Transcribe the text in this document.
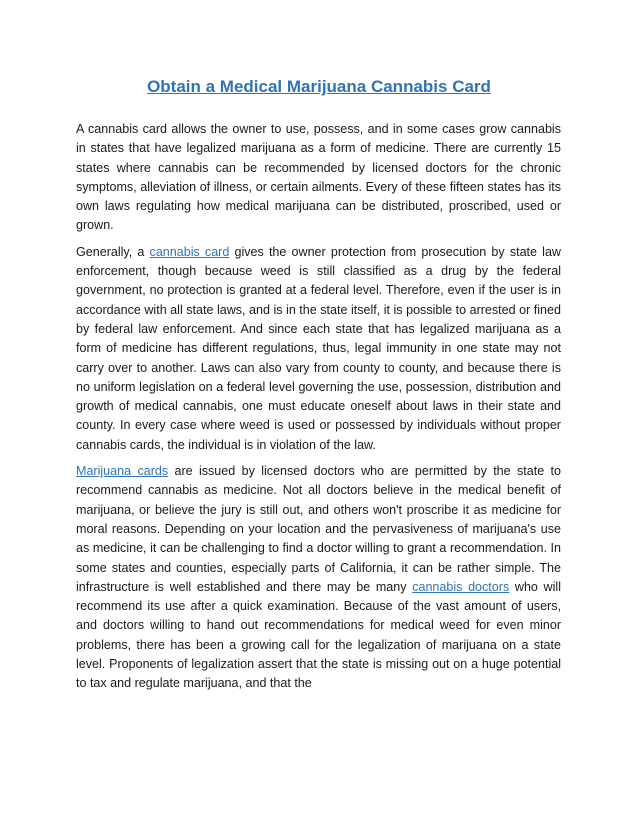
Obtain a Medical Marijuana Cannabis Card

A cannabis card allows the owner to use, possess, and in some cases grow cannabis in states that have legalized marijuana as a form of medicine. There are currently 15 states where cannabis can be recommended by licensed doctors for the chronic symptoms, alleviation of illness, or certain ailments. Every of these fifteen states has its own laws regulating how medical marijuana can be distributed, proscribed, used or grown.

Generally, a cannabis card gives the owner protection from prosecution by state law enforcement, though because weed is still classified as a drug by the federal government, no protection is granted at a federal level. Therefore, even if the user is in accordance with all state laws, and is in the state itself, it is possible to arrested or fined by federal law enforcement. And since each state that has legalized marijuana as a form of medicine has different regulations, thus, legal immunity in one state may not carry over to another. Laws can also vary from county to county, and because there is no uniform legislation on a federal level governing the use, possession, distribution and growth of medical cannabis, one must educate oneself about laws in their state and county. In every case where weed is used or possessed by individuals without proper cannabis cards, the individual is in violation of the law.

Marijuana cards are issued by licensed doctors who are permitted by the state to recommend cannabis as medicine. Not all doctors believe in the medical benefit of marijuana, or believe the jury is still out, and others won't proscribe it as medicine for moral reasons. Depending on your location and the pervasiveness of marijuana's use as medicine, it can be challenging to find a doctor willing to grant a recommendation. In some states and counties, especially parts of California, it can be rather simple. The infrastructure is well established and there may be many cannabis doctors who will recommend its use after a quick examination. Because of the vast amount of users, and doctors willing to hand out recommendations for medical weed for even minor problems, there has been a growing call for the legalization of marijuana on a state level. Proponents of legalization assert that the state is missing out on a huge potential to tax and regulate marijuana, and that the
